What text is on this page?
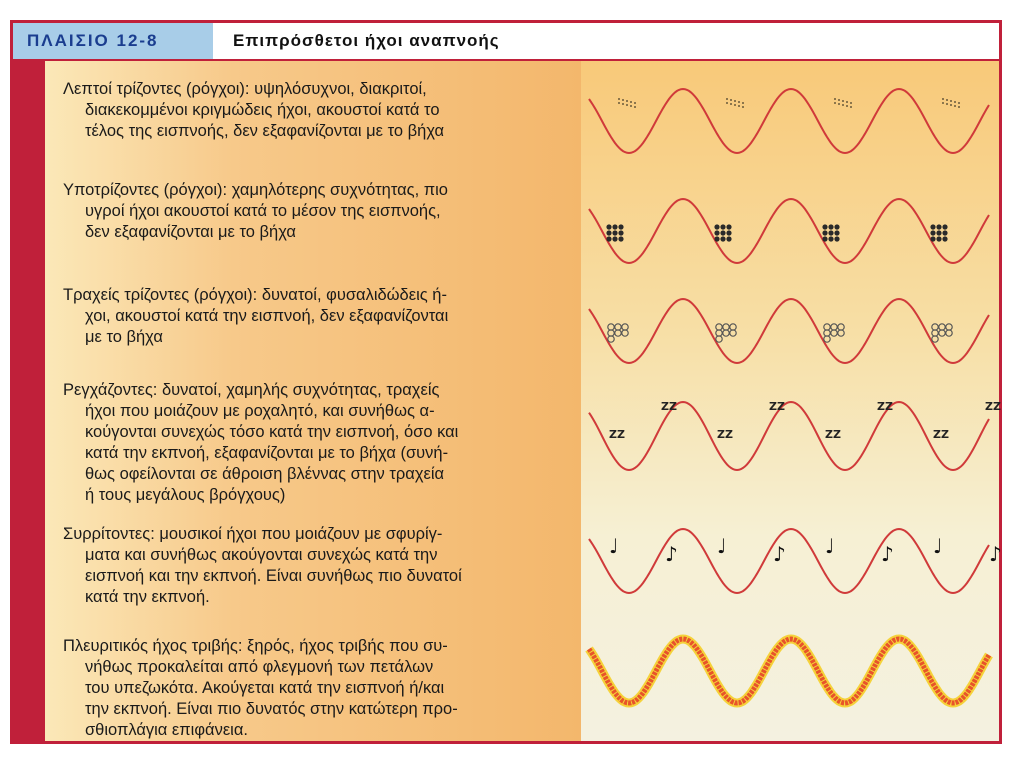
ΠΛΑΙΣΙΟ 12-8	Επιπρόσθετοι ήχοι αναπνοής
Λεπτοί τρίζοντες (ρόγχοι): υψηλόσυχνοι, διακριτοί,
διακεκομμένοι κριγμώδεις ήχοι, ακουστοί κατά το
τέλος της εισπνοής, δεν εξαφανίζονται με το βήχα
Υποτρίζοντες (ρόγχοι): χαμηλότερης συχνότητας, πιο
υγροί ήχοι ακουστοί κατά το μέσον της εισπνοής,
δεν εξαφανίζονται με το βήχα
Τραχείς τρίζοντες (ρόγχοι): δυνατοί, φυσαλιδώδεις ή-
χοι, ακουστοί κατά την εισπνοή, δεν εξαφανίζονται
με το βήχα
Ρεγχάζοντες: δυνατοί, χαμηλής συχνότητας, τραχείς
ήχοι που μοιάζουν με ροχαλητό, και συνήθως α-
κούγονται συνεχώς τόσο κατά την εισπνοή, όσο και
κατά την εκπνοή, εξαφανίζονται με το βήχα (συνή-
θως οφείλονται σε άθροιση βλέννας στην τραχεία
ή τους μεγάλους βρόγχους)
Συρρίτοντες: μουσικοί ήχοι που μοιάζουν με σφυρίγ-
ματα και συνήθως ακούγονται συνεχώς κατά την
εισπνοή και την εκπνοή. Είναι συνήθως πιο δυνατοί
κατά την εκπνοή.
Πλευριτικός ήχος τριβής: ξηρός, ήχος τριβής που συ-
νήθως προκαλείται από φλεγμονή των πετάλων
του υπεζωκότα. Ακούγεται κατά την εισπνοή ή/και
την εκπνοή. Είναι πιο δυνατός στην κατώτερη προ-
σθιοπλάγια επιφάνεια.
ZZ
ZZ
ZZ
ZZ
ZZ
ZZ
ZZ
ZZ
♩ ♪ ♩ ♪ ♩ ♪ ♩ ♪
